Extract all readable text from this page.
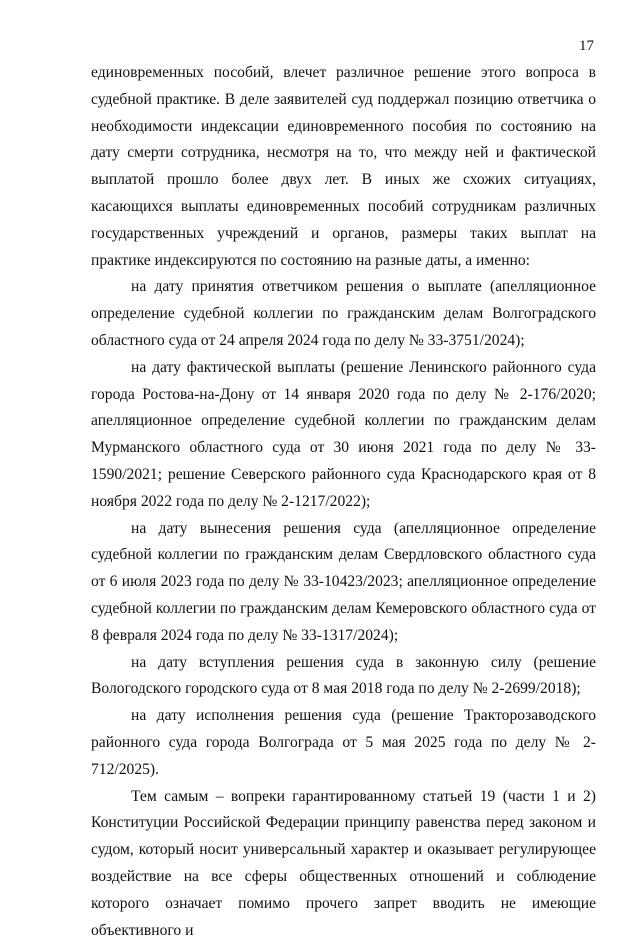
17

единовременных пособий, влечет различное решение этого вопроса в судебной практике. В деле заявителей суд поддержал позицию ответчика о необходимости индексации единовременного пособия по состоянию на дату смерти сотрудника, несмотря на то, что между ней и фактической выплатой прошло более двух лет. В иных же схожих ситуациях, касающихся выплаты единовременных пособий сотрудникам различных государственных учреждений и органов, размеры таких выплат на практике индексируются по состоянию на разные даты, а именно:

на дату принятия ответчиком решения о выплате (апелляционное определение судебной коллегии по гражданским делам Волгоградского областного суда от 24 апреля 2024 года по делу № 33-3751/2024);

на дату фактической выплаты (решение Ленинского районного суда города Ростова-на-Дону от 14 января 2020 года по делу № 2-176/2020; апелляционное определение судебной коллегии по гражданским делам Мурманского областного суда от 30 июня 2021 года по делу № 33-1590/2021; решение Северского районного суда Краснодарского края от 8 ноября 2022 года по делу № 2-1217/2022);

на дату вынесения решения суда (апелляционное определение судебной коллегии по гражданским делам Свердловского областного суда от 6 июля 2023 года по делу № 33-10423/2023; апелляционное определение судебной коллегии по гражданским делам Кемеровского областного суда от 8 февраля 2024 года по делу № 33-1317/2024);

на дату вступления решения суда в законную силу (решение Вологодского городского суда от 8 мая 2018 года по делу № 2-2699/2018);

на дату исполнения решения суда (решение Тракторозаводского районного суда города Волгограда от 5 мая 2025 года по делу № 2-712/2025).

Тем самым – вопреки гарантированному статьей 19 (части 1 и 2) Конституции Российской Федерации принципу равенства перед законом и судом, который носит универсальный характер и оказывает регулирующее воздействие на все сферы общественных отношений и соблюдение которого означает помимо прочего запрет вводить не имеющие объективного и
